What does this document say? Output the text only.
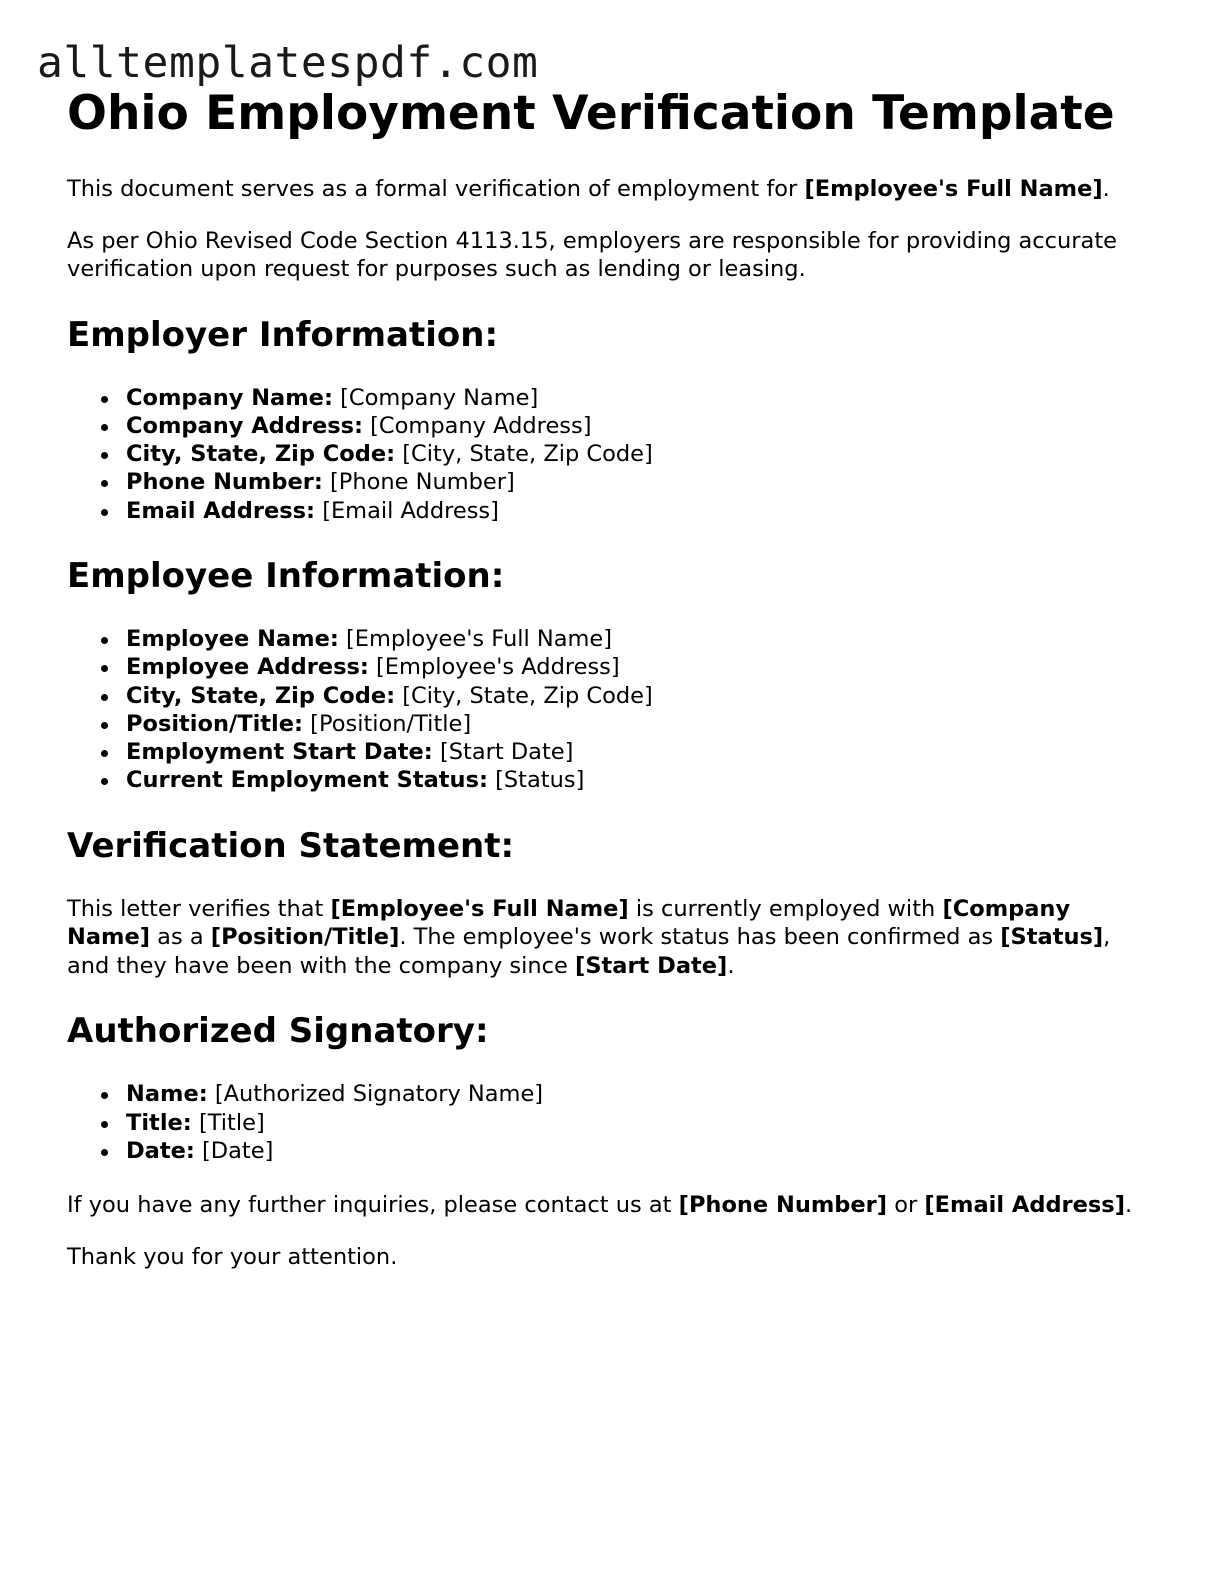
alltemplatespdf.com
Ohio Employment Verification Template

This document serves as a formal verification of employment for [Employee's Full Name].

As per Ohio Revised Code Section 4113.15, employers are responsible for providing accurate verification upon request for purposes such as lending or leasing.

Employer Information:
Company Name: [Company Name]
Company Address: [Company Address]
City, State, Zip Code: [City, State, Zip Code]
Phone Number: [Phone Number]
Email Address: [Email Address]
Employee Information:
Employee Name: [Employee's Full Name]
Employee Address: [Employee's Address]
City, State, Zip Code: [City, State, Zip Code]
Position/Title: [Position/Title]
Employment Start Date: [Start Date]
Current Employment Status: [Status]
Verification Statement:

This letter verifies that [Employee's Full Name] is currently employed with [Company Name] as a [Position/Title]. The employee's work status has been confirmed as [Status], and they have been with the company since [Start Date].

Authorized Signatory:
Name: [Authorized Signatory Name]
Title: [Title]
Date: [Date]

If you have any further inquiries, please contact us at [Phone Number] or [Email Address].

Thank you for your attention.
